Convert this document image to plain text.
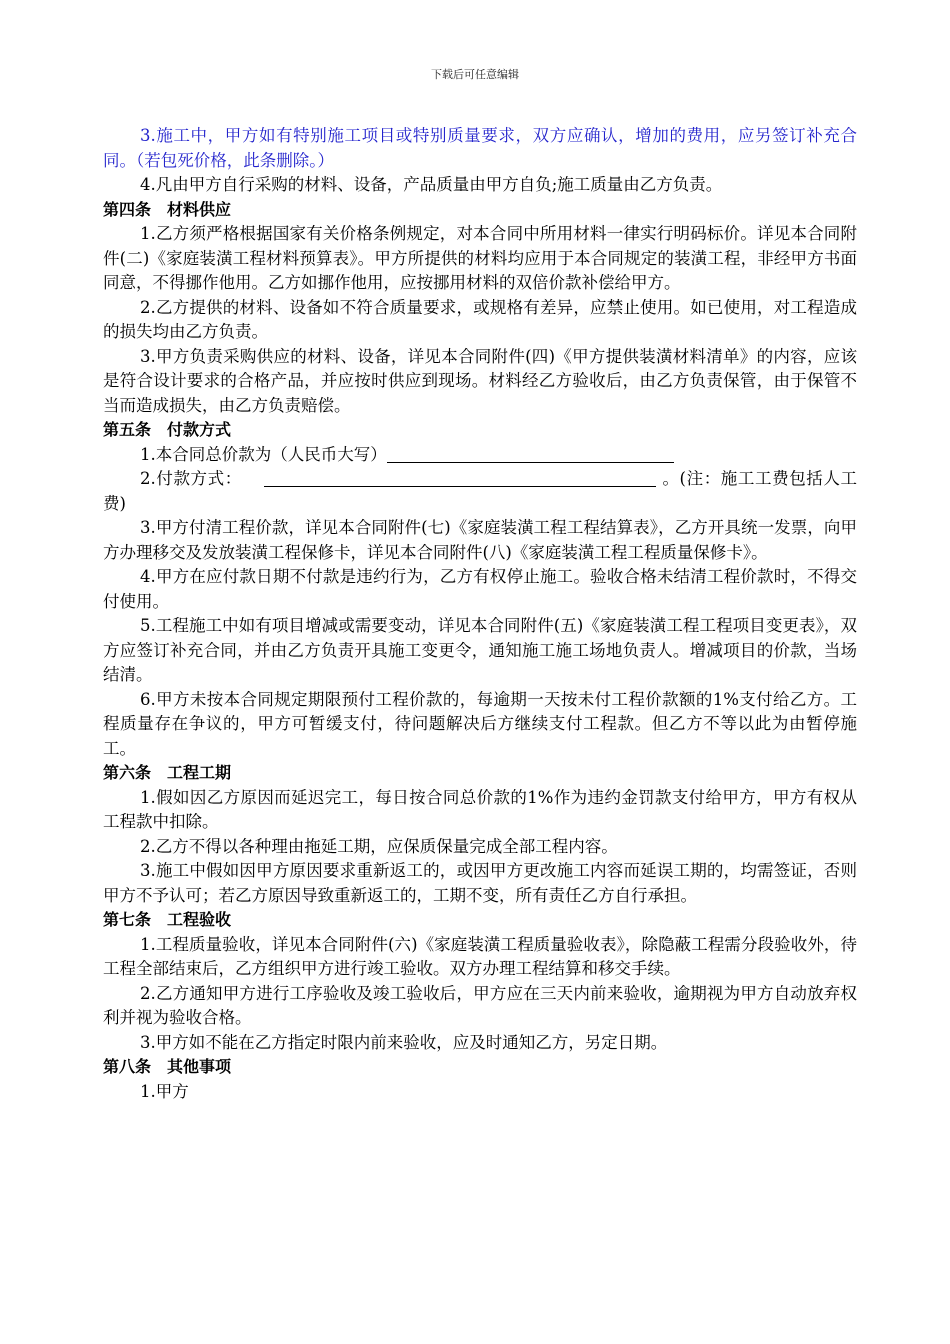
下载后可任意编辑

3.施工中，甲方如有特别施工项目或特别质量要求，双方应确认，增加的费用，应另签订补充合同。（若包死价格，此条删除。）

4.凡由甲方自行采购的材料、设备，产品质量由甲方自负;施工质量由乙方负责。

第四条　材料供应

1.乙方须严格根据国家有关价格条例规定，对本合同中所用材料一律实行明码标价。详见本合同附件(二)《家庭装潢工程材料预算表》。甲方所提供的材料均应用于本合同规定的装潢工程，非经甲方书面同意，不得挪作他用。乙方如挪作他用，应按挪用材料的双倍价款补偿给甲方。

2.乙方提供的材料、设备如不符合质量要求，或规格有差异，应禁止使用。如已使用，对工程造成的损失均由乙方负责。

3.甲方负责采购供应的材料、设备，详见本合同附件(四)《甲方提供装潢材料清单》的内容，应该是符合设计要求的合格产品，并应按时供应到现场。材料经乙方验收后，由乙方负责保管，由于保管不当而造成损失，由乙方负责赔偿。

第五条　付款方式

1.本合同总价款为（人民币大写）

2.付款方式：	。(注：施工工费包括人工费)

3.甲方付清工程价款，详见本合同附件(七)《家庭装潢工程工程结算表》，乙方开具统一发票，向甲方办理移交及发放装潢工程保修卡，详见本合同附件(八)《家庭装潢工程工程质量保修卡》。

4.甲方在应付款日期不付款是违约行为，乙方有权停止施工。验收合格未结清工程价款时，不得交付使用。

5.工程施工中如有项目增减或需要变动，详见本合同附件(五)《家庭装潢工程工程项目变更表》，双方应签订补充合同，并由乙方负责开具施工变更令，通知施工施工场地负责人。增减项目的价款，当场结清。

6.甲方未按本合同规定期限预付工程价款的，每逾期一天按未付工程价款额的1%支付给乙方。工程质量存在争议的，甲方可暂缓支付，待问题解决后方继续支付工程款。但乙方不等以此为由暂停施工。

第六条　工程工期

1.假如因乙方原因而延迟完工，每日按合同总价款的1%作为违约金罚款支付给甲方，甲方有权从工程款中扣除。

2.乙方不得以各种理由拖延工期，应保质保量完成全部工程内容。

3.施工中假如因甲方原因要求重新返工的，或因甲方更改施工内容而延误工期的，均需签证，否则甲方不予认可；若乙方原因导致重新返工的，工期不变，所有责任乙方自行承担。

第七条　工程验收

1.工程质量验收，详见本合同附件(六)《家庭装潢工程质量验收表》，除隐蔽工程需分段验收外，待工程全部结束后，乙方组织甲方进行竣工验收。双方办理工程结算和移交手续。

2.乙方通知甲方进行工序验收及竣工验收后，甲方应在三天内前来验收，逾期视为甲方自动放弃权利并视为验收合格。

3.甲方如不能在乙方指定时限内前来验收，应及时通知乙方，另定日期。

第八条　其他事项

1.甲方
